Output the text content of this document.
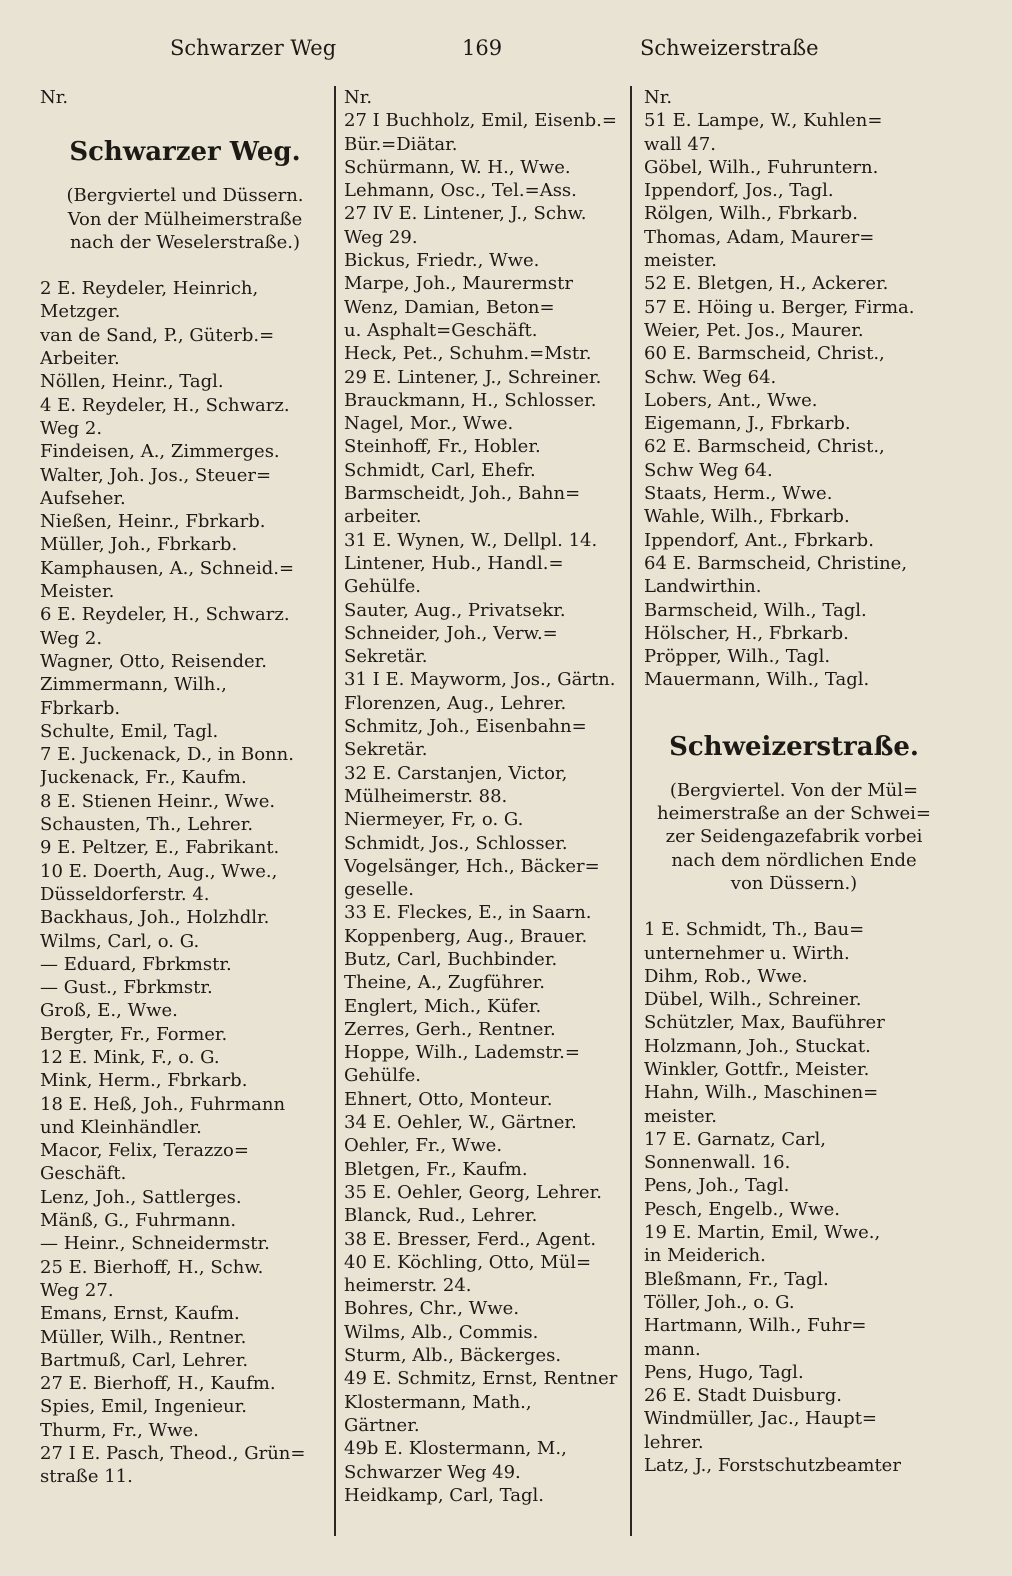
Schwarzer Weg	169	Schweizerstraße
Nr.
Schwarzer Weg.
(Bergviertel und Düssern.
Von der Mülheimerstraße
nach der Weselerstraße.)
2 E. Reydeler, Heinrich,
Metzger.
van de Sand, P., Güterb.=
Arbeiter.
Nöllen, Heinr., Tagl.
4 E. Reydeler, H., Schwarz.
Weg 2.
Findeisen, A., Zimmerges.
Walter, Joh. Jos., Steuer=
Aufseher.
Nießen, Heinr., Fbrkarb.
Müller, Joh., Fbrkarb.
Kamphausen, A., Schneid.=
Meister.
6 E. Reydeler, H., Schwarz.
Weg 2.
Wagner, Otto, Reisender.
Zimmermann, Wilh.,
Fbrkarb.
Schulte, Emil, Tagl.
7 E. Juckenack, D., in Bonn.
Juckenack, Fr., Kaufm.
8 E. Stienen Heinr., Wwe.
Schausten, Th., Lehrer.
9 E. Peltzer, E., Fabrikant.
10 E. Doerth, Aug., Wwe.,
Düsseldorferstr. 4.
Backhaus, Joh., Holzhdlr.
Wilms, Carl, o. G.
— Eduard, Fbrkmstr.
— Gust., Fbrkmstr.
Groß, E., Wwe.
Bergter, Fr., Former.
12 E. Mink, F., o. G.
Mink, Herm., Fbrkarb.
18 E. Heß, Joh., Fuhrmann
und Kleinhändler.
Macor, Felix, Terazzo=
Geschäft.
Lenz, Joh., Sattlerges.
Mänß, G., Fuhrmann.
— Heinr., Schneidermstr.
25 E. Bierhoff, H., Schw.
Weg 27.
Emans, Ernst, Kaufm.
Müller, Wilh., Rentner.
Bartmuß, Carl, Lehrer.
27 E. Bierhoff, H., Kaufm.
Spies, Emil, Ingenieur.
Thurm, Fr., Wwe.
27 I E. Pasch, Theod., Grün=
straße 11.
Nr.
27 I Buchholz, Emil, Eisenb.=
Bür.=Diätar.
Schürmann, W. H., Wwe.
Lehmann, Osc., Tel.=Ass.
27 IV E. Lintener, J., Schw.
Weg 29.
Bickus, Friedr., Wwe.
Marpe, Joh., Maurermstr
Wenz, Damian, Beton=
u. Asphalt=Geschäft.
Heck, Pet., Schuhm.=Mstr.
29 E. Lintener, J., Schreiner.
Brauckmann, H., Schlosser.
Nagel, Mor., Wwe.
Steinhoff, Fr., Hobler.
Schmidt, Carl, Ehefr.
Barmscheidt, Joh., Bahn=
arbeiter.
31 E. Wynen, W., Dellpl. 14.
Lintener, Hub., Handl.=
Gehülfe.
Sauter, Aug., Privatsekr.
Schneider, Joh., Verw.=
Sekretär.
31 I E. Mayworm, Jos., Gärtn.
Florenzen, Aug., Lehrer.
Schmitz, Joh., Eisenbahn=
Sekretär.
32 E. Carstanjen, Victor,
Mülheimerstr. 88.
Niermeyer, Fr, o. G.
Schmidt, Jos., Schlosser.
Vogelsänger, Hch., Bäcker=
geselle.
33 E. Fleckes, E., in Saarn.
Koppenberg, Aug., Brauer.
Butz, Carl, Buchbinder.
Theine, A., Zugführer.
Englert, Mich., Küfer.
Zerres, Gerh., Rentner.
Hoppe, Wilh., Lademstr.=
Gehülfe.
Ehnert, Otto, Monteur.
34 E. Oehler, W., Gärtner.
Oehler, Fr., Wwe.
Bletgen, Fr., Kaufm.
35 E. Oehler, Georg, Lehrer.
Blanck, Rud., Lehrer.
38 E. Bresser, Ferd., Agent.
40 E. Köchling, Otto, Mül=
heimerstr. 24.
Bohres, Chr., Wwe.
Wilms, Alb., Commis.
Sturm, Alb., Bäckerges.
49 E. Schmitz, Ernst, Rentner
Klostermann, Math.,
Gärtner.
49b E. Klostermann, M.,
Schwarzer Weg 49.
Heidkamp, Carl, Tagl.
Nr.
51 E. Lampe, W., Kuhlen=
wall 47.
Göbel, Wilh., Fuhruntern.
Ippendorf, Jos., Tagl.
Rölgen, Wilh., Fbrkarb.
Thomas, Adam, Maurer=
meister.
52 E. Bletgen, H., Ackerer.
57 E. Höing u. Berger, Firma.
Weier, Pet. Jos., Maurer.
60 E. Barmscheid, Christ.,
Schw. Weg 64.
Lobers, Ant., Wwe.
Eigemann, J., Fbrkarb.
62 E. Barmscheid, Christ.,
Schw Weg 64.
Staats, Herm., Wwe.
Wahle, Wilh., Fbrkarb.
Ippendorf, Ant., Fbrkarb.
64 E. Barmscheid, Christine,
Landwirthin.
Barmscheid, Wilh., Tagl.
Hölscher, H., Fbrkarb.
Pröpper, Wilh., Tagl.
Mauermann, Wilh., Tagl.
Schweizerstraße.
(Bergviertel. Von der Mül=
heimerstraße an der Schwei=
zer Seidengazefabrik vorbei
nach dem nördlichen Ende
von Düssern.)
1 E. Schmidt, Th., Bau=
unternehmer u. Wirth.
Dihm, Rob., Wwe.
Dübel, Wilh., Schreiner.
Schützler, Max, Bauführer
Holzmann, Joh., Stuckat.
Winkler, Gottfr., Meister.
Hahn, Wilh., Maschinen=
meister.
17 E. Garnatz, Carl,
Sonnenwall. 16.
Pens, Joh., Tagl.
Pesch, Engelb., Wwe.
19 E. Martin, Emil, Wwe.,
in Meiderich.
Bleßmann, Fr., Tagl.
Töller, Joh., o. G.
Hartmann, Wilh., Fuhr=
mann.
Pens, Hugo, Tagl.
26 E. Stadt Duisburg.
Windmüller, Jac., Haupt=
lehrer.
Latz, J., Forstschutzbeamter
